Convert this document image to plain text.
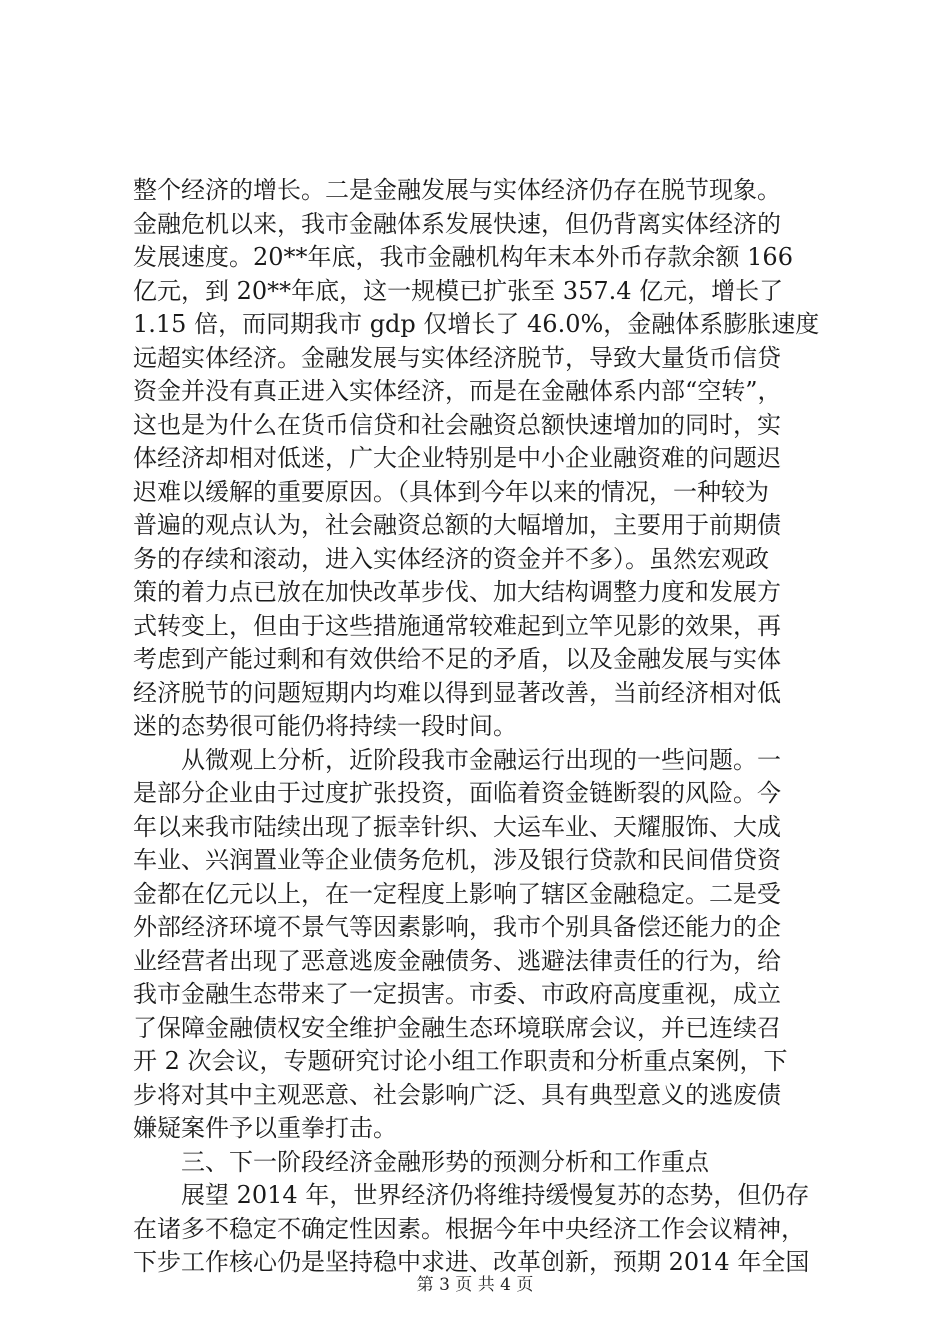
整个经济的增长。二是金融发展与实体经济仍存在脱节现象。
金融危机以来，我市金融体系发展快速，但仍背离实体经济的
发展速度。20**年底，我市金融机构年末本外币存款余额 166
亿元，到 20**年底，这一规模已扩张至 357.4 亿元，增长了
1.15 倍，而同期我市 gdp 仅增长了 46.0%，金融体系膨胀速度
远超实体经济。金融发展与实体经济脱节，导致大量货币信贷
资金并没有真正进入实体经济，而是在金融体系内部“空转”，
这也是为什么在货币信贷和社会融资总额快速增加的同时，实
体经济却相对低迷，广大企业特别是中小企业融资难的问题迟
迟难以缓解的重要原因。（具体到今年以来的情况，一种较为
普遍的观点认为，社会融资总额的大幅增加，主要用于前期债
务的存续和滚动，进入实体经济的资金并不多）。虽然宏观政
策的着力点已放在加快改革步伐、加大结构调整力度和发展方
式转变上，但由于这些措施通常较难起到立竿见影的效果，再
考虑到产能过剩和有效供给不足的矛盾，以及金融发展与实体
经济脱节的问题短期内均难以得到显著改善，当前经济相对低
迷的态势很可能仍将持续一段时间。
　　从微观上分析，近阶段我市金融运行出现的一些问题。一
是部分企业由于过度扩张投资，面临着资金链断裂的风险。今
年以来我市陆续出现了振幸针织、大运车业、天耀服饰、大成
车业、兴润置业等企业债务危机，涉及银行贷款和民间借贷资
金都在亿元以上，在一定程度上影响了辖区金融稳定。二是受
外部经济环境不景气等因素影响，我市个别具备偿还能力的企
业经营者出现了恶意逃废金融债务、逃避法律责任的行为，给
我市金融生态带来了一定损害。市委、市政府高度重视，成立
了保障金融债权安全维护金融生态环境联席会议，并已连续召
开 2 次会议，专题研究讨论小组工作职责和分析重点案例，下
步将对其中主观恶意、社会影响广泛、具有典型意义的逃废债
嫌疑案件予以重拳打击。
　　三、下一阶段经济金融形势的预测分析和工作重点
　　展望 2014 年，世界经济仍将维持缓慢复苏的态势，但仍存
在诸多不稳定不确定性因素。根据今年中央经济工作会议精神，
下步工作核心仍是坚持稳中求进、改革创新，预期 2014 年全国
第 3 页 共 4 页
